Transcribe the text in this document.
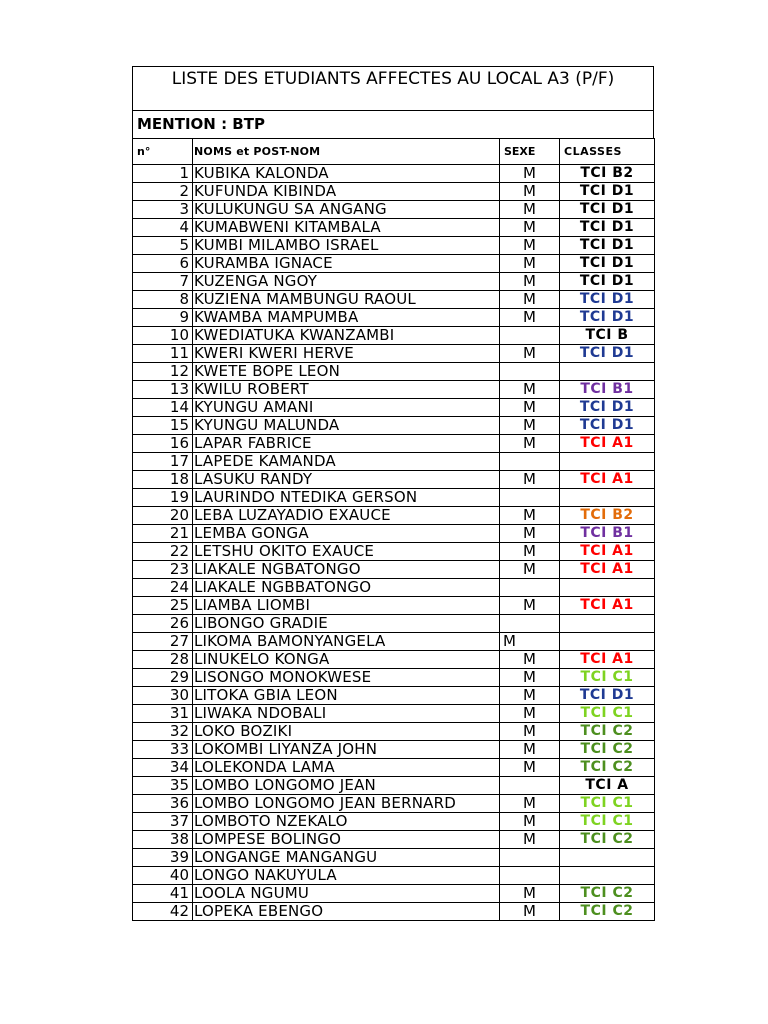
LISTE DES ETUDIANTS AFFECTES AU LOCAL A3 (P/F)
MENTION : BTP
n°	NOMS et POST-NOM	SEXE	CLASSES
1	KUBIKA KALONDA	M	TCI B2
2	KUFUNDA KIBINDA	M	TCI D1
3	KULUKUNGU SA ANGANG	M	TCI D1
4	KUMABWENI KITAMBALA	M	TCI D1
5	KUMBI MILAMBO ISRAEL	M	TCI D1
6	KURAMBA IGNACE	M	TCI D1
7	KUZENGA NGOY	M	TCI D1
8	KUZIENA MAMBUNGU RAOUL	M	TCI D1
9	KWAMBA MAMPUMBA	M	TCI D1
10	KWEDIATUKA KWANZAMBI		TCI B
11	KWERI KWERI HERVE	M	TCI D1
12	KWETE BOPE LEON		
13	KWILU ROBERT	M	TCI B1
14	KYUNGU AMANI	M	TCI D1
15	KYUNGU MALUNDA	M	TCI D1
16	LAPAR FABRICE	M	TCI A1
17	LAPEDE KAMANDA		
18	LASUKU RANDY	M	TCI A1
19	LAURINDO NTEDIKA GERSON		
20	LEBA LUZAYADIO EXAUCE	M	TCI B2
21	LEMBA GONGA	M	TCI B1
22	LETSHU OKITO EXAUCE	M	TCI A1
23	LIAKALE NGBATONGO	M	TCI A1
24	LIAKALE NGBBATONGO		
25	LIAMBA LIOMBI	M	TCI A1
26	LIBONGO GRADIE		
27	LIKOMA BAMONYANGELA	M	
28	LINUKELO KONGA	M	TCI A1
29	LISONGO MONOKWESE	M	TCI C1
30	LITOKA GBIA LEON	M	TCI D1
31	LIWAKA NDOBALI	M	TCI C1
32	LOKO BOZIKI	M	TCI C2
33	LOKOMBI LIYANZA JOHN	M	TCI C2
34	LOLEKONDA LAMA	M	TCI C2
35	LOMBO LONGOMO JEAN		TCI A
36	LOMBO LONGOMO JEAN BERNARD	M	TCI C1
37	LOMBOTO NZEKALO	M	TCI C1
38	LOMPESE BOLINGO	M	TCI C2
39	LONGANGE MANGANGU		
40	LONGO NAKUYULA		
41	LOOLA NGUMU	M	TCI C2
42	LOPEKA EBENGO	M	TCI C2
